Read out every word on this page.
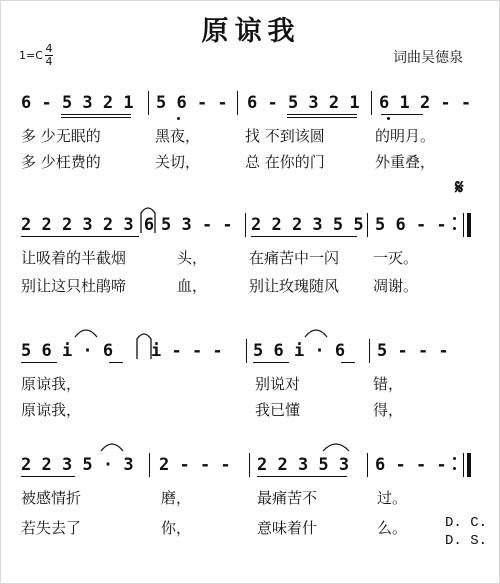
原谅我
1=C
4
4	词曲吴德泉
6 - 5 3 2 1 5 6 - - 6 - 5 3 2 1 6 1 2 - -
多 少无眠的	黑夜，	找 不到该圆	的明月。
多 少枉费的	关切，	总 在你的门	外重叠，
𝄋
2 2 2 3 2 3 6 5 3 - - 2 2 2 3 5 5 5 6 - -
让吸着的半截烟	头，	在痛苦中一闪 一灭。
别让这只杜鹃啼	血，	别让玫瑰随风 凋谢。
5 6 i · 6 i - - - 5 6 i · 6 5 - - -
原谅我，	别说对	错，
原谅我，	我已懂	得，
2 2 3 5 · 3 2 - - - 2 2 3 5 3 6 - - -
被感情折	磨，	最痛苦不	过。
若失去了	你，	意味着什	么。	D. C.
D. S.
